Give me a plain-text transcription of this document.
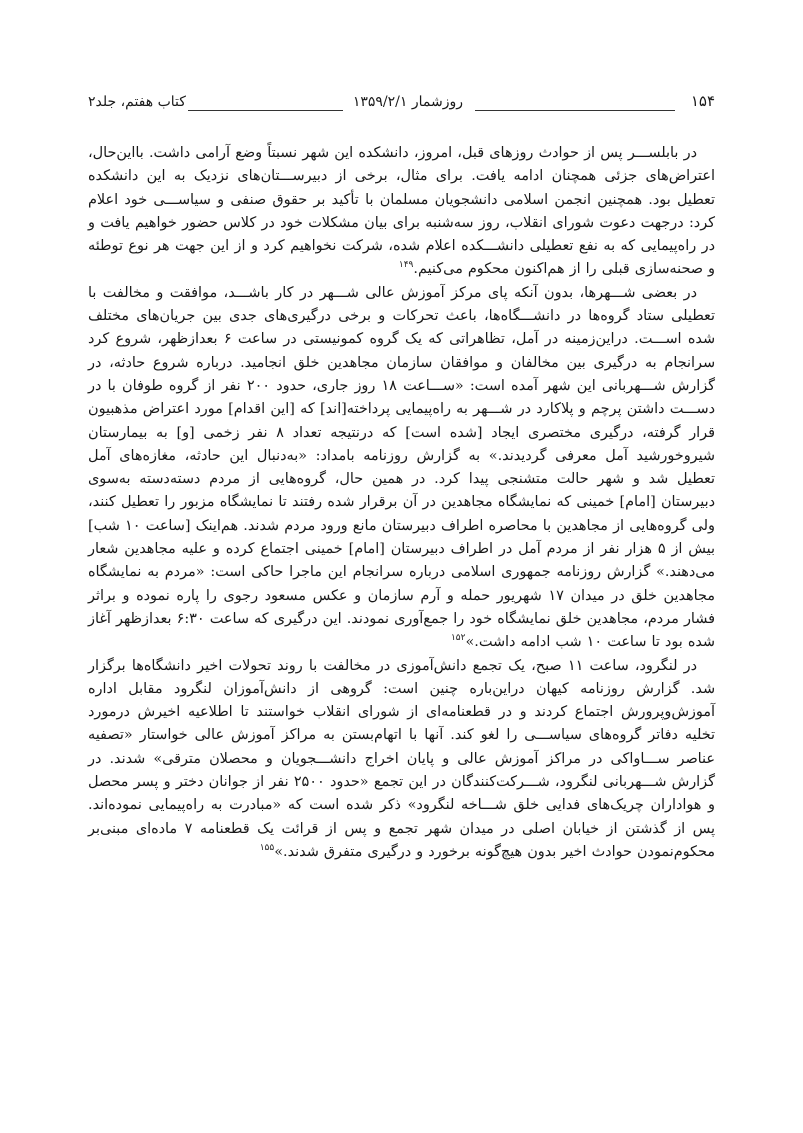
۱۵۴
روزشمار ۱۳۵۹/۲/۱
کتاب هفتم، جلد۲

در بابلســـر پس از حوادث روزهای قبل، امروز، دانشکده این شهر نسبتاً وضع آرامی داشت. بااین‌حال، اعتراض‌های جزئی همچنان ادامه یافت. برای مثال، برخی از دبیرســـتان‌های نزدیک به این دانشکده تعطیل بود. همچنین انجمن اسلامی دانشجویان مسلمان با تأکید بر حقوق صنفی و سیاســـی خود اعلام کرد: درجهت دعوت شورای انقلاب، روز سه‌شنبه برای بیان مشکلات خود در کلاس حضور خواهیم یافت و در راه‌پیمایی که به نفع تعطیلی دانشـــکده اعلام شده، شرکت نخواهیم کرد و از این جهت هر نوع توطئه و صحنه‌سازی قبلی را از هم‌اکنون محکوم می‌کنیم.$^{۱۴۹}$

در بعضی شـــهرها، بدون آنکه پای مرکز آموزش عالی شـــهر در کار باشـــد، موافقت و مخالفت با تعطیلی ستاد گروه‌ها در دانشـــگاه‌ها، باعث تحرکات و برخی درگیری‌های جدی بین جریان‌های مختلف شده اســـت. دراین‌زمینه در آمل، تظاهراتی که یک گروه کمونیستی در ساعت ۶ بعدازظهر، شروع کرد سرانجام به درگیری بین مخالفان و موافقان سازمان مجاهدین خلق انجامید. درباره شروع حادثه، در گزارش شـــهربانی این شهر آمده است: «ســـاعت ۱۸ روز جاری، حدود ۲۰۰ نفر از گروه طوفان با در دســـت داشتن پرچم و پلاکارد در شـــهر به راه‌پیمایی پرداخته‌[اند] که [این اقدام] مورد اعتراض مذهبیون قرار گرفته، درگیری مختصری ایجاد [شده است] که درنتیجه تعداد ۸ نفر زخمی [و] به بیمارستان شیروخورشید آمل معرفی گردیدند.» به گزارش روزنامه بامداد: «به‌دنبال این حادثه، مغازه‌های آمل تعطیل شد و شهر حالت متشنجی پیدا کرد. در همین حال، گروه‌هایی از مردم دسته‌دسته به‌سوی دبیرستان [امام] خمینی که نمایشگاه مجاهدین در آن برقرار شده رفتند تا نمایشگاه مزبور را تعطیل کنند، ولی گروه‌هایی از مجاهدین با محاصره اطراف دبیرستان مانع ورود مردم شدند. هم‌اینک [ساعت ۱۰ شب] بیش از ۵ هزار نفر از مردم آمل در اطراف دبیرستان [امام] خمینی اجتماع کرده و علیه مجاهدین شعار می‌دهند.» گزارش روزنامه جمهوری اسلامی درباره سرانجام این ماجرا حاکی است: «مردم به نمایشگاه مجاهدین خلق در میدان ۱۷ شهریور حمله و آرم سازمان و عکس مسعود رجوی را پاره نموده و براثر فشار مردم، مجاهدین خلق نمایشگاه خود را جمع‌آوری نمودند. این درگیری که ساعت ۶:۳۰ بعدازظهر آغاز شده بود تا ساعت ۱۰ شب ادامه داشت.»$^{۱۵۲}$

در لنگرود، ساعت ۱۱ صبح، یک تجمع دانش‌آموزی در مخالفت با روند تحولات اخیر دانشگاه‌ها برگزار شد. گزارش روزنامه کیهان دراین‌باره چنین است: گروهی از دانش‌آموزان لنگرود مقابل اداره آموزش‌وپرورش اجتماع کردند و در قطعنامه‌ای از شورای انقلاب خواستند تا اطلاعیه اخیرش درمورد تخلیه دفاتر گروه‌های سیاســـی را لغو کند. آنها با اتهام‌بستن به مراکز آموزش عالی خواستار «تصفیه عناصر ســـاواکی در مراکز آموزش عالی و پایان اخراج دانشـــجویان و محصلان مترقی» شدند. در گزارش شـــهربانی لنگرود، شـــرکت‌کنندگان در این تجمع «حدود ۲۵۰۰ نفر از جوانان دختر و پسر محصل و هواداران چریک‌های فدایی خلق شـــاخه لنگرود» ذکر شده است که «مبادرت به راه‌پیمایی نموده‌اند. پس از گذشتن از خیابان اصلی در میدان شهر تجمع و پس از قرائت یک قطعنامه ۷ ماده‌ای مبنی‌بر محکوم‌نمودن حوادث اخیر بدون هیچ‌گونه برخورد و درگیری متفرق شدند.»$^{۱۵۵}$
